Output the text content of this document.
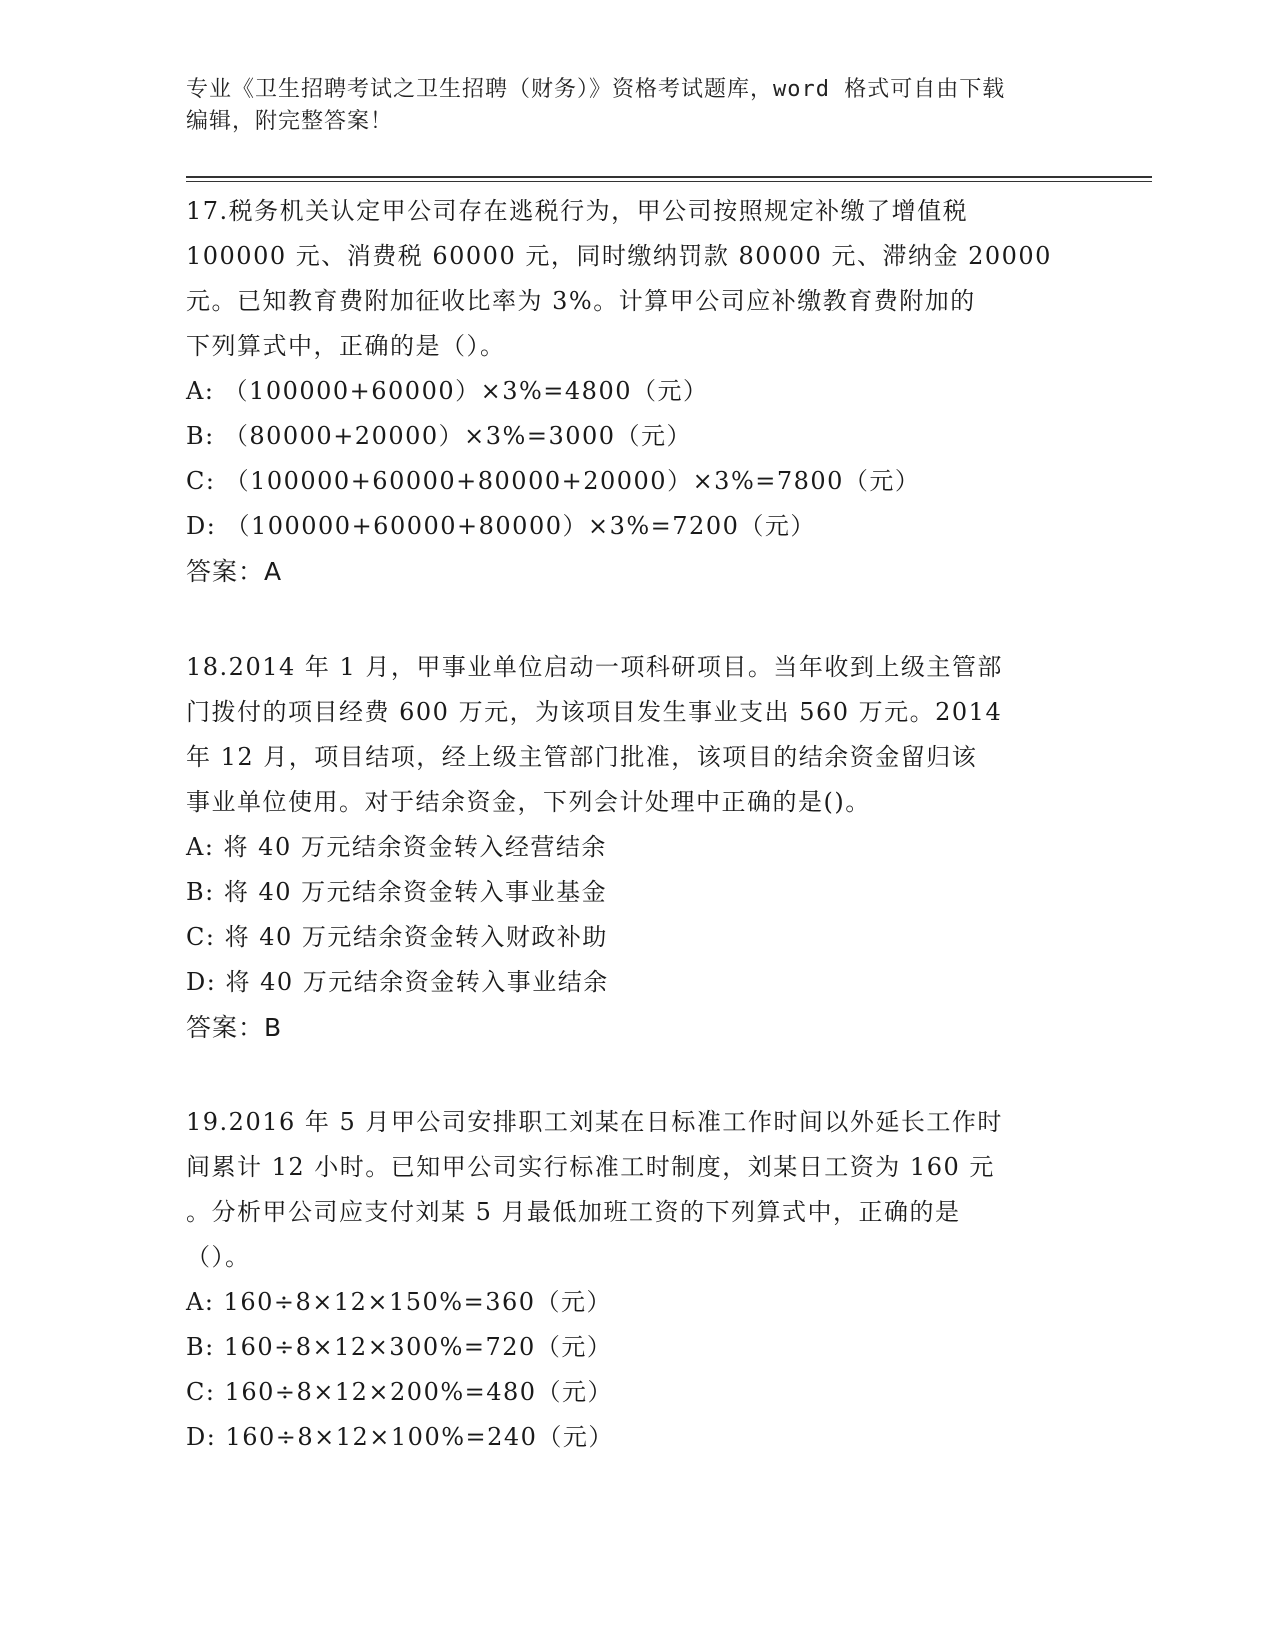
专业《卫生招聘考试之卫生招聘（财务）》资格考试题库，word 格式可自由下载
编辑，附完整答案！
17.税务机关认定甲公司存在逃税行为，甲公司按照规定补缴了增值税
100000 元、消费税 60000 元，同时缴纳罚款 80000 元、滞纳金 20000
元。已知教育费附加征收比率为 3%。计算甲公司应补缴教育费附加的
下列算式中，正确的是（）。
A: （100000+60000）×3%=4800（元）
B: （80000+20000）×3%=3000（元）
C: （100000+60000+80000+20000）×3%=7800（元）
D: （100000+60000+80000）×3%=7200（元）
答案：A
18.2014 年 1 月，甲事业单位启动一项科研项目。当年收到上级主管部
门拨付的项目经费 600 万元，为该项目发生事业支出 560 万元。2014
年 12 月，项目结项，经上级主管部门批准，该项目的结余资金留归该
事业单位使用。对于结余资金，下列会计处理中正确的是()。
A: 将 40 万元结余资金转入经营结余
B: 将 40 万元结余资金转入事业基金
C: 将 40 万元结余资金转入财政补助
D: 将 40 万元结余资金转入事业结余
答案：B
19.2016 年 5 月甲公司安排职工刘某在日标准工作时间以外延长工作时
间累计 12 小时。已知甲公司实行标准工时制度，刘某日工资为 160 元
。分析甲公司应支付刘某 5 月最低加班工资的下列算式中，正确的是
（）。
A: 160÷8×12×150%=360（元）
B: 160÷8×12×300%=720（元）
C: 160÷8×12×200%=480（元）
D: 160÷8×12×100%=240（元）
